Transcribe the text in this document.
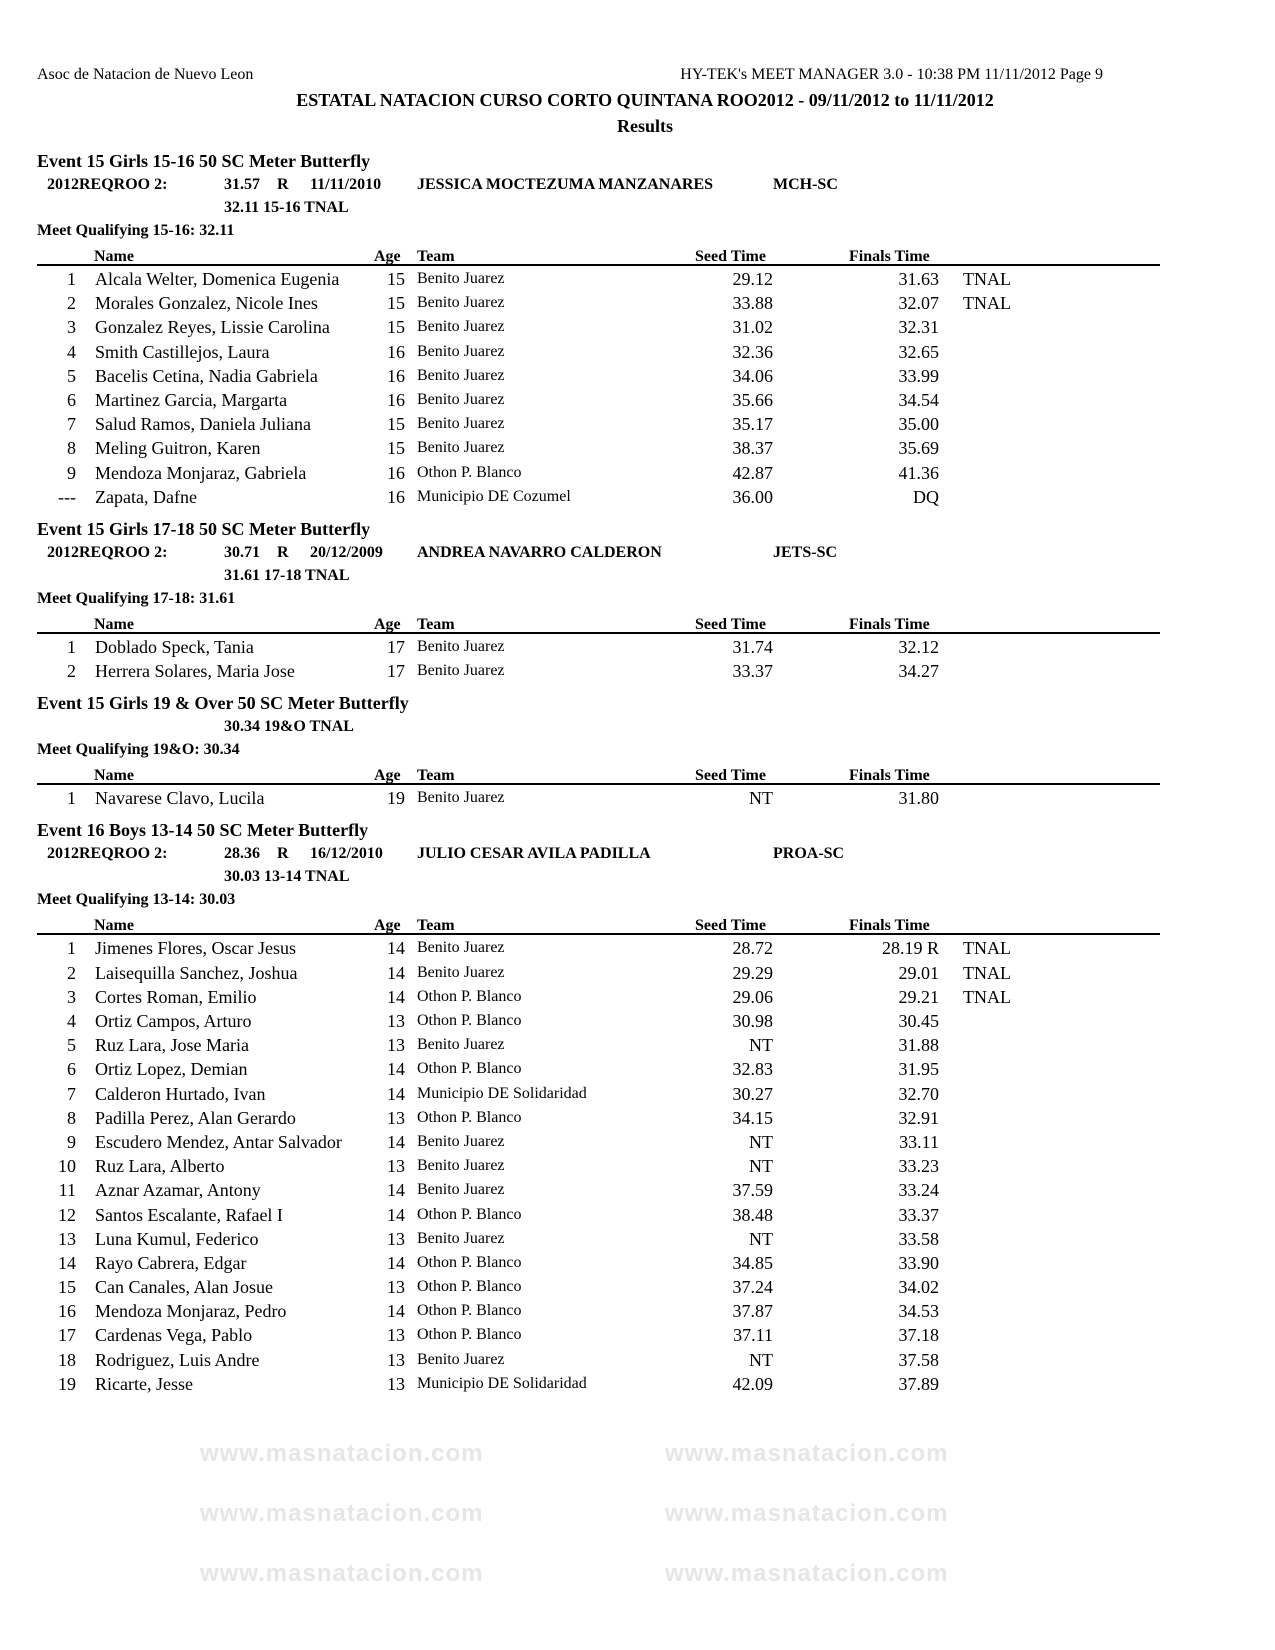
www.masnatacion.com	www.masnatacion.com
www.masnatacion.com	www.masnatacion.com
www.masnatacion.com	www.masnatacion.com
Asoc de Natacion de Nuevo Leon	HY-TEK's MEET MANAGER 3.0 - 10:38 PM 11/11/2012 Page 9
ESTATAL NATACION CURSO CORTO QUINTANA ROO2012 - 09/11/2012 to 11/11/2012
Results
Event 15 Girls 15-16 50 SC Meter Butterfly
2012REQROO 2:	31.57 R 11/11/2010 JESSICA MOCTEZUMA MANZANARES	MCH-SC
32.11 15-16 TNAL
Meet Qualifying 15-16: 32.11
Name	Age Team	Seed Time	Finals Time
1 Alcala Welter, Domenica Eugenia	15 Benito Juarez	29.12	31.63 TNAL
2 Morales Gonzalez, Nicole Ines	15 Benito Juarez	33.88	32.07 TNAL
3 Gonzalez Reyes, Lissie Carolina	15 Benito Juarez	31.02	32.31
4 Smith Castillejos, Laura	16 Benito Juarez	32.36	32.65
5 Bacelis Cetina, Nadia Gabriela	16 Benito Juarez	34.06	33.99
6 Martinez Garcia, Margarta	16 Benito Juarez	35.66	34.54
7 Salud Ramos, Daniela Juliana	15 Benito Juarez	35.17	35.00
8 Meling Guitron, Karen	15 Benito Juarez	38.37	35.69
9 Mendoza Monjaraz, Gabriela	16 Othon P. Blanco	42.87	41.36
--- Zapata, Dafne	16 Municipio DE Cozumel	36.00	DQ
Event 15 Girls 17-18 50 SC Meter Butterfly
2012REQROO 2:	30.71 R 20/12/2009 ANDREA NAVARRO CALDERON	JETS-SC
31.61 17-18 TNAL
Meet Qualifying 17-18: 31.61
Name	Age Team	Seed Time	Finals Time
1 Doblado Speck, Tania	17 Benito Juarez	31.74	32.12
2 Herrera Solares, Maria Jose	17 Benito Juarez	33.37	34.27
Event 15 Girls 19 & Over 50 SC Meter Butterfly
30.34 19&O TNAL
Meet Qualifying 19&O: 30.34
Name	Age Team	Seed Time	Finals Time
1 Navarese Clavo, Lucila	19 Benito Juarez	NT	31.80
Event 16 Boys 13-14 50 SC Meter Butterfly
2012REQROO 2:	28.36 R 16/12/2010 JULIO CESAR AVILA PADILLA	PROA-SC
30.03 13-14 TNAL
Meet Qualifying 13-14: 30.03
Name	Age Team	Seed Time	Finals Time
1 Jimenes Flores, Oscar Jesus	14 Benito Juarez	28.72	28.19 R TNAL
2 Laisequilla Sanchez, Joshua	14 Benito Juarez	29.29	29.01 TNAL
3 Cortes Roman, Emilio	14 Othon P. Blanco	29.06	29.21 TNAL
4 Ortiz Campos, Arturo	13 Othon P. Blanco	30.98	30.45
5 Ruz Lara, Jose Maria	13 Benito Juarez	NT	31.88
6 Ortiz Lopez, Demian	14 Othon P. Blanco	32.83	31.95
7 Calderon Hurtado, Ivan	14 Municipio DE Solidaridad	30.27	32.70
8 Padilla Perez, Alan Gerardo	13 Othon P. Blanco	34.15	32.91
9 Escudero Mendez, Antar Salvador	14 Benito Juarez	NT	33.11
10 Ruz Lara, Alberto	13 Benito Juarez	NT	33.23
11 Aznar Azamar, Antony	14 Benito Juarez	37.59	33.24
12 Santos Escalante, Rafael I	14 Othon P. Blanco	38.48	33.37
13 Luna Kumul, Federico	13 Benito Juarez	NT	33.58
14 Rayo Cabrera, Edgar	14 Othon P. Blanco	34.85	33.90
15 Can Canales, Alan Josue	13 Othon P. Blanco	37.24	34.02
16 Mendoza Monjaraz, Pedro	14 Othon P. Blanco	37.87	34.53
17 Cardenas Vega, Pablo	13 Othon P. Blanco	37.11	37.18
18 Rodriguez, Luis Andre	13 Benito Juarez	NT	37.58
19 Ricarte, Jesse	13 Municipio DE Solidaridad	42.09	37.89
